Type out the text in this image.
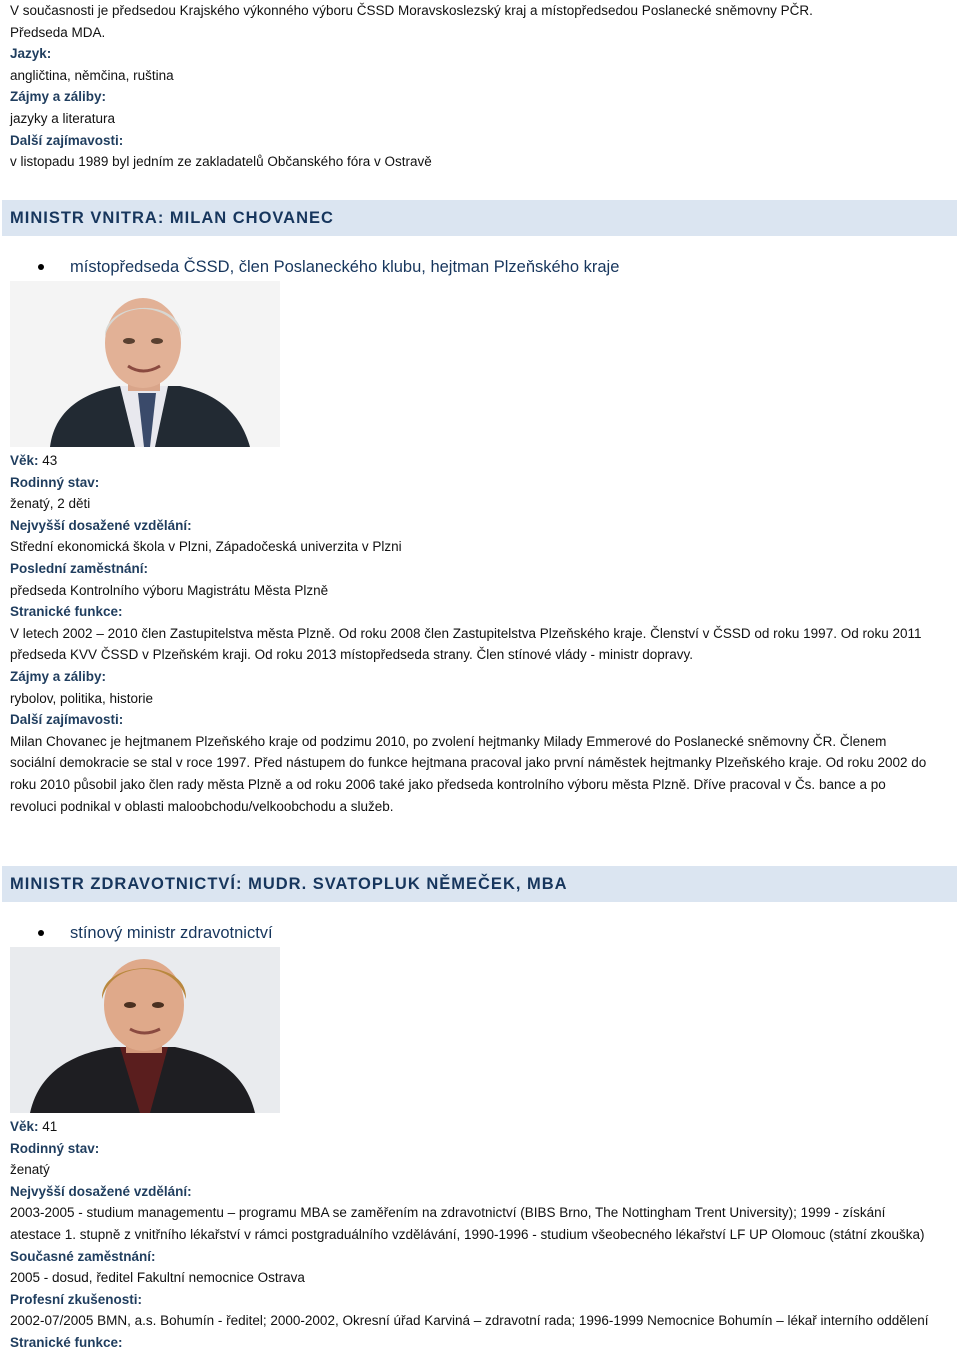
V současnosti je předsedou Krajského výkonného výboru ČSSD Moravskoslezský kraj a místopředsedou Poslanecké sněmovny PČR.
Předseda MDA.
Jazyk:
angličtina, němčina, ruština
Zájmy a záliby:
jazyky a literatura
Další zajímavosti:
v listopadu 1989 byl jedním ze zakladatelů Občanského fóra v Ostravě
MINISTR VNITRA: MILAN CHOVANEC
místopředseda ČSSD, člen Poslaneckého klubu, hejtman Plzeňského kraje
Věk: 43
Rodinný stav:
ženatý, 2 děti
Nejvyšší dosažené vzdělání:
Střední ekonomická škola v Plzni, Západočeská univerzita v Plzni
Poslední zaměstnání:
předseda Kontrolního výboru Magistrátu Města Plzně
Stranické funkce:
V letech 2002 – 2010 člen Zastupitelstva města Plzně. Od roku 2008 člen Zastupitelstva Plzeňského kraje. Členství v ČSSD od roku 1997. Od roku 2011 předseda KVV ČSSD v Plzeňském kraji. Od roku 2013 místopředseda strany. Člen stínové vlády - ministr dopravy.
Zájmy a záliby:
rybolov, politika, historie
Další zajímavosti:
Milan Chovanec je hejtmanem Plzeňského kraje od podzimu 2010, po zvolení hejtmanky Milady Emmerové do Poslanecké sněmovny ČR. Členem sociální demokracie se stal v roce 1997. Před nástupem do funkce hejtmana pracoval jako první náměstek hejtmanky Plzeňského kraje. Od roku 2002 do roku 2010 působil jako člen rady města Plzně a od roku 2006 také jako předseda kontrolního výboru města Plzně. Dříve pracoval v Čs. bance a po revoluci podnikal v oblasti maloobchodu/velkoobchodu a služeb.
MINISTR ZDRAVOTNICTVÍ: MUDR. SVATOPLUK NĚMEČEK, MBA
stínový ministr zdravotnictví
Věk: 41
Rodinný stav:
ženatý
Nejvyšší dosažené vzdělání:
2003-2005 - studium managementu – programu MBA se zaměřením na zdravotnictví (BIBS Brno, The Nottingham Trent University); 1999 - získání atestace 1. stupně z vnitřního lékařství v rámci postgraduálního vzdělávání, 1990-1996 - studium všeobecného lékařství LF UP Olomouc (státní zkouška)
Současné zaměstnání:
2005 - dosud, ředitel Fakultní nemocnice Ostrava
Profesní zkušenosti:
2002-07/2005 BMN, a.s. Bohumín - ředitel; 2000-2002, Okresní úřad Karviná – zdravotní rada; 1996-1999 Nemocnice Bohumín – lékař interního oddělení
Stranické funkce:
